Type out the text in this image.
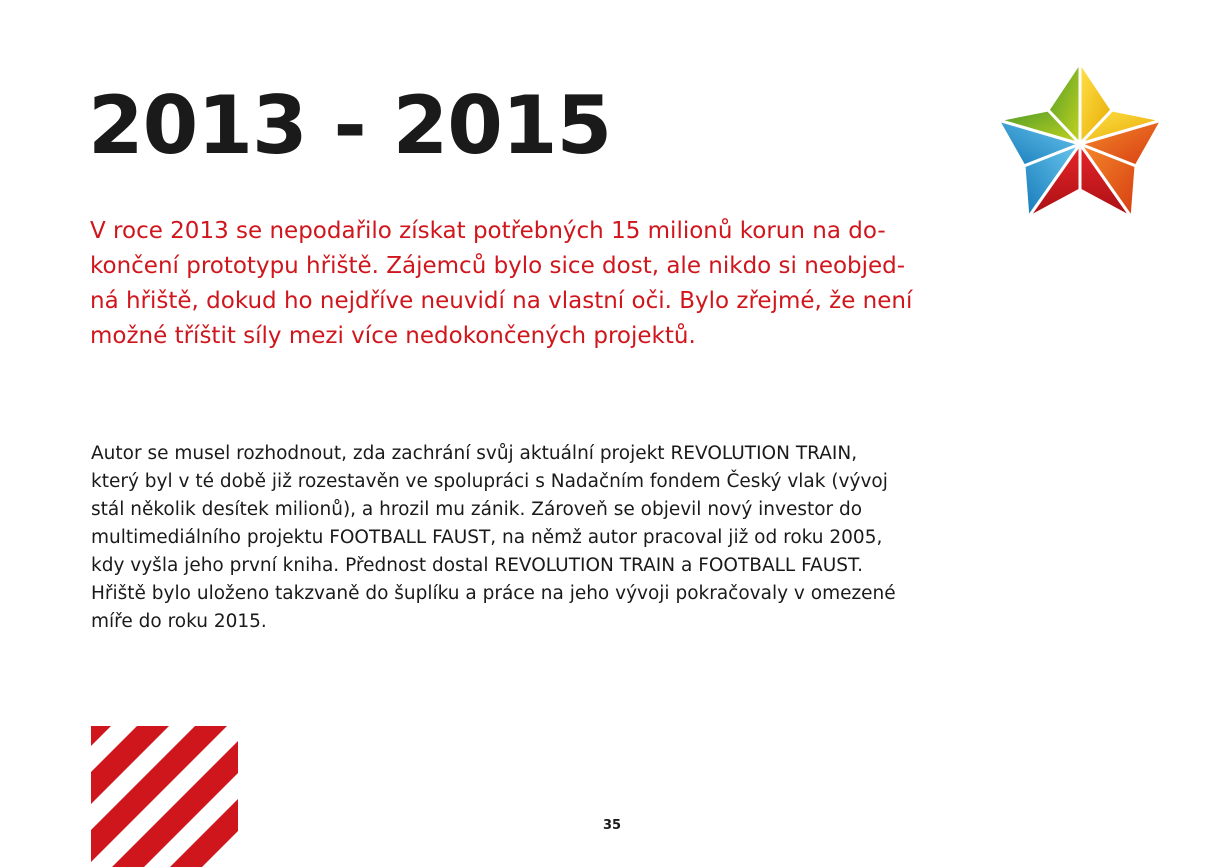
2013 - 2015
V roce 2013 se nepodařilo získat potřebných 15 milionů korun na do-
končení prototypu hřiště. Zájemců bylo sice dost, ale nikdo si neobjed-
ná hřiště, dokud ho nejdříve neuvidí na vlastní oči. Bylo zřejmé, že není
možné tříštit síly mezi více nedokončených projektů.
Autor se musel rozhodnout, zda zachrání svůj aktuální projekt REVOLUTION TRAIN,
který byl v té době již rozestavěn ve spolupráci s Nadačním fondem Český vlak (vývoj
stál několik desítek milionů), a hrozil mu zánik. Zároveň se objevil nový investor do
multimediálního projektu FOOTBALL FAUST, na němž autor pracoval již od roku 2005,
kdy vyšla jeho první kniha. Přednost dostal REVOLUTION TRAIN a FOOTBALL FAUST.
Hřiště bylo uloženo takzvaně do šuplíku a práce na jeho vývoji pokračovaly v omezené
míře do roku 2015.
35
